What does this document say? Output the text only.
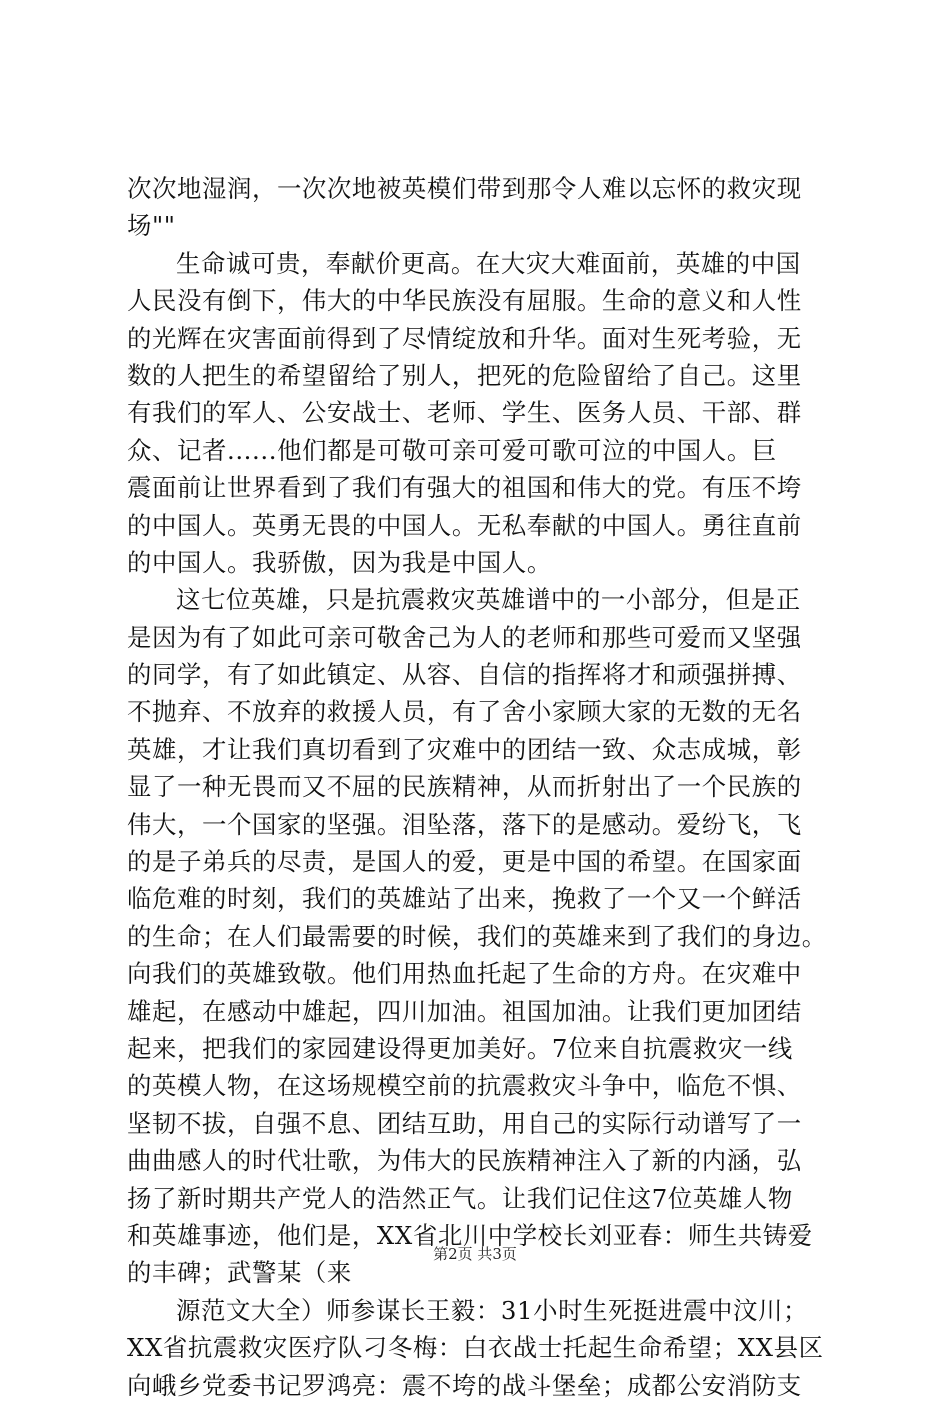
次次地湿润，一次次地被英模们带到那令人难以忘怀的救灾现
场""
生命诚可贵，奉献价更高。在大灾大难面前，英雄的中国
人民没有倒下，伟大的中华民族没有屈服。生命的意义和人性
的光辉在灾害面前得到了尽情绽放和升华。面对生死考验，无
数的人把生的希望留给了别人，把死的危险留给了自己。这里
有我们的军人、公安战士、老师、学生、医务人员、干部、群
众、记者......他们都是可敬可亲可爱可歌可泣的中国人。巨
震面前让世界看到了我们有强大的祖国和伟大的党。有压不垮
的中国人。英勇无畏的中国人。无私奉献的中国人。勇往直前
的中国人。我骄傲，因为我是中国人。
这七位英雄，只是抗震救灾英雄谱中的一小部分，但是正
是因为有了如此可亲可敬舍己为人的老师和那些可爱而又坚强
的同学，有了如此镇定、从容、自信的指挥将才和顽强拼搏、
不抛弃、不放弃的救援人员，有了舍小家顾大家的无数的无名
英雄，才让我们真切看到了灾难中的团结一致、众志成城，彰
显了一种无畏而又不屈的民族精神，从而折射出了一个民族的
伟大，一个国家的坚强。泪坠落，落下的是感动。爱纷飞，飞
的是子弟兵的尽责，是国人的爱，更是中国的希望。在国家面
临危难的时刻，我们的英雄站了出来，挽救了一个又一个鲜活
的生命；在人们最需要的时候，我们的英雄来到了我们的身边。
向我们的英雄致敬。他们用热血托起了生命的方舟。在灾难中
雄起，在感动中雄起，四川加油。祖国加油。让我们更加团结
起来，把我们的家园建设得更加美好。7位来自抗震救灾一线
的英模人物，在这场规模空前的抗震救灾斗争中，临危不惧、
坚韧不拔，自强不息、团结互助，用自己的实际行动谱写了一
曲曲感人的时代壮歌，为伟大的民族精神注入了新的内涵，弘
扬了新时期共产党人的浩然正气。让我们记住这7位英雄人物
和英雄事迹，他们是，XX省北川中学校长刘亚春：师生共铸爱
的丰碑；武警某（来
源范文大全）师参谋长王毅：31小时生死挺进震中汶川；
XX省抗震救灾医疗队刁冬梅：白衣战士托起生命希望；XX县区
向峨乡党委书记罗鸿亮：震不垮的战斗堡垒；成都公安消防支
第2页 共3页
